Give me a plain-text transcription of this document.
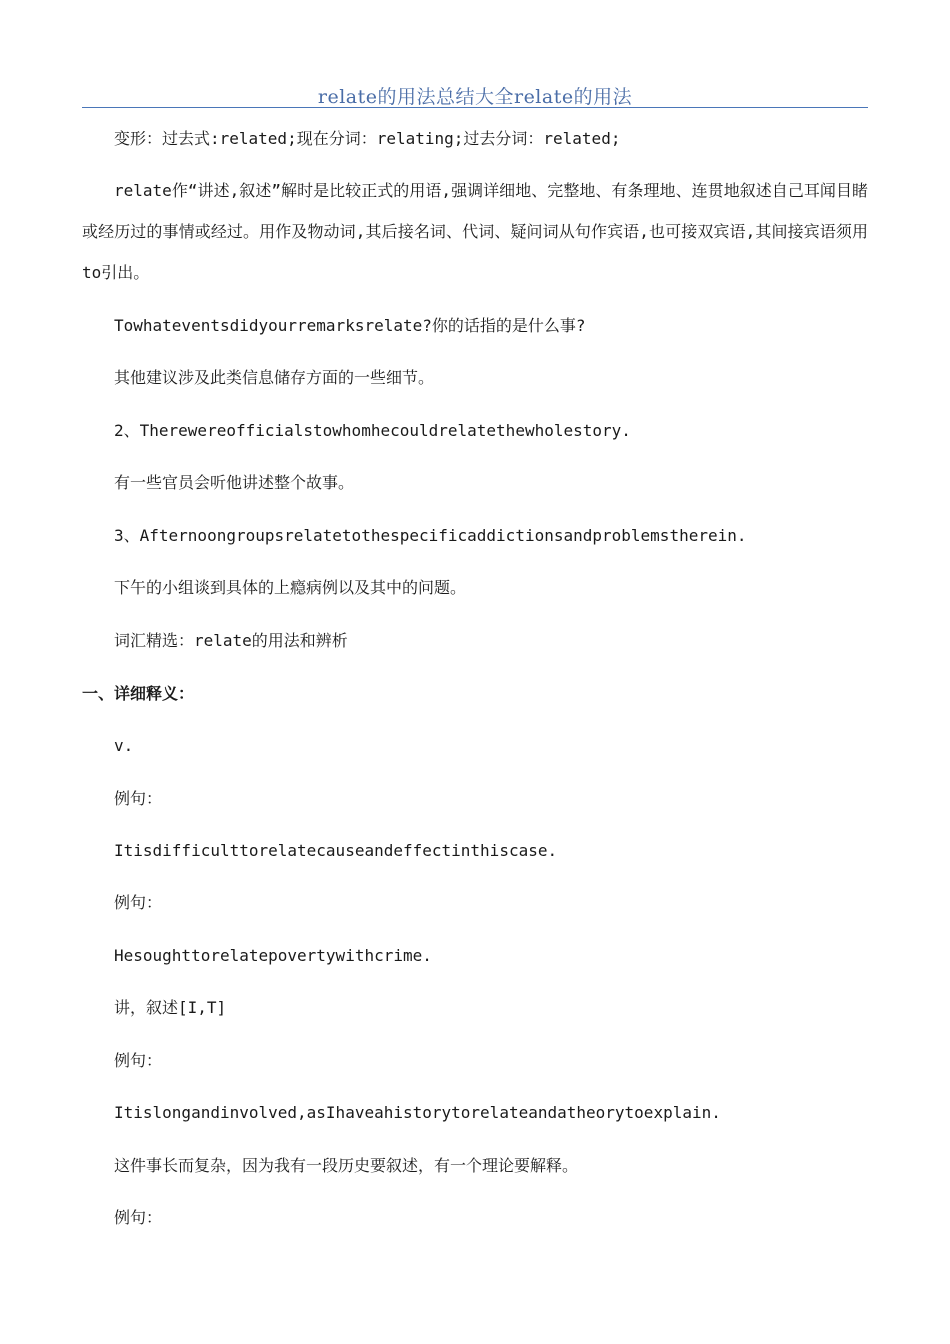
relate的用法总结大全relate的用法
变形：过去式:related;现在分词：relating;过去分词：related;
relate作“讲述,叙述”解时是比较正式的用语,强调详细地、完整地、有条理地、连贯地叙述自己耳闻目睹或经历过的事情或经过。用作及物动词,其后接名词、代词、疑问词从句作宾语,也可接双宾语,其间接宾语须用to引出。
Towhateventsdidyourremarksrelate?你的话指的是什么事?
其他建议涉及此类信息储存方面的一些细节。
2、Therewereofficialstowhomhecouldrelatethewholestory.
有一些官员会听他讲述整个故事。
3、Afternoongroupsrelatetothespecificaddictionsandproblemstherein.
下午的小组谈到具体的上瘾病例以及其中的问题。
词汇精选：relate的用法和辨析
一、详细释义：
v.
例句：
Itisdifficulttorelatecauseandeffectinthiscase.
例句：
Hesoughttorelatepovertywithcrime.
讲，叙述[I,T]
例句：
Itislongandinvolved,asIhaveahistorytorelateandatheorytoexplain.
这件事长而复杂，因为我有一段历史要叙述，有一个理论要解释。
例句：
